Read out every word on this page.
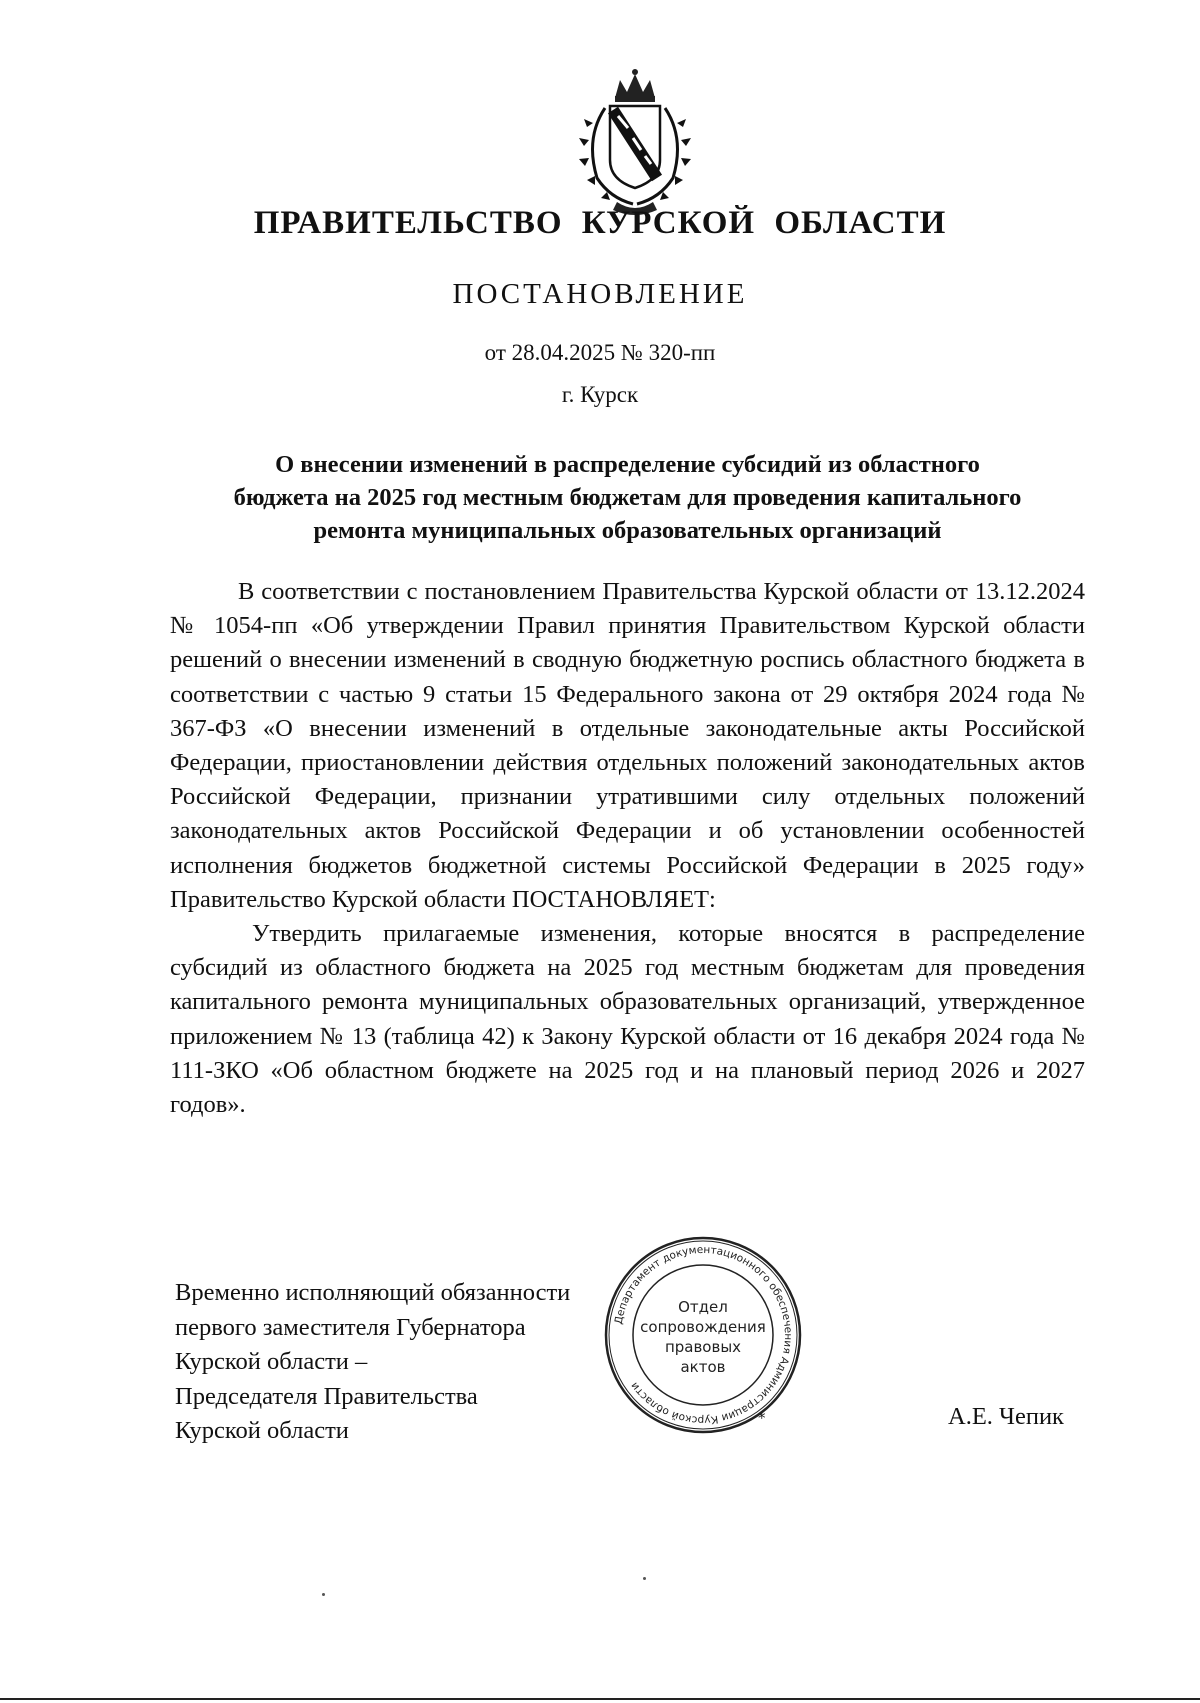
ПРАВИТЕЛЬСТВО КУРСКОЙ ОБЛАСТИ
ПОСТАНОВЛЕНИЕ
от 28.04.2025 № 320-пп
г. Курск
О внесении изменений в распределение субсидий из областного
бюджета на 2025 год местным бюджетам для проведения капитального
ремонта муниципальных образовательных организаций

В соответствии с постановлением Правительства Курской области от 13.12.2024 № 1054-пп «Об утверждении Правил принятия Правительством Курской области решений о внесении изменений в сводную бюджетную роспись областного бюджета в соответствии с частью 9 статьи 15 Федерального закона от 29 октября 2024 года № 367-ФЗ «О внесении изменений в отдельные законодательные акты Российской Федерации, приостановлении действия отдельных положений законодательных актов Российской Федерации, признании утратившими силу отдельных положений законодательных актов Российской Федерации и об установлении особенностей исполнения бюджетов бюджетной системы Российской Федерации в 2025 году» Правительство Курской области ПОСТАНОВЛЯЕТ:

Утвердить прилагаемые изменения, которые вносятся в распределение субсидий из областного бюджета на 2025 год местным бюджетам для проведения капитального ремонта муниципальных образовательных организаций, утвержденное приложением № 13 (таблица 42) к Закону Курской области от 16 декабря 2024 года № 111-ЗКО «Об областном бюджете на 2025 год и на плановый период 2026 и 2027 годов».

Временно исполняющий обязанности
первого заместителя Губернатора
Курской области –
Председателя Правительства
Курской области
Департамент документационного обеспечения Администрации Курской области
*
Отдел
сопровождения
правовых
актов
А.Е. Чепик
